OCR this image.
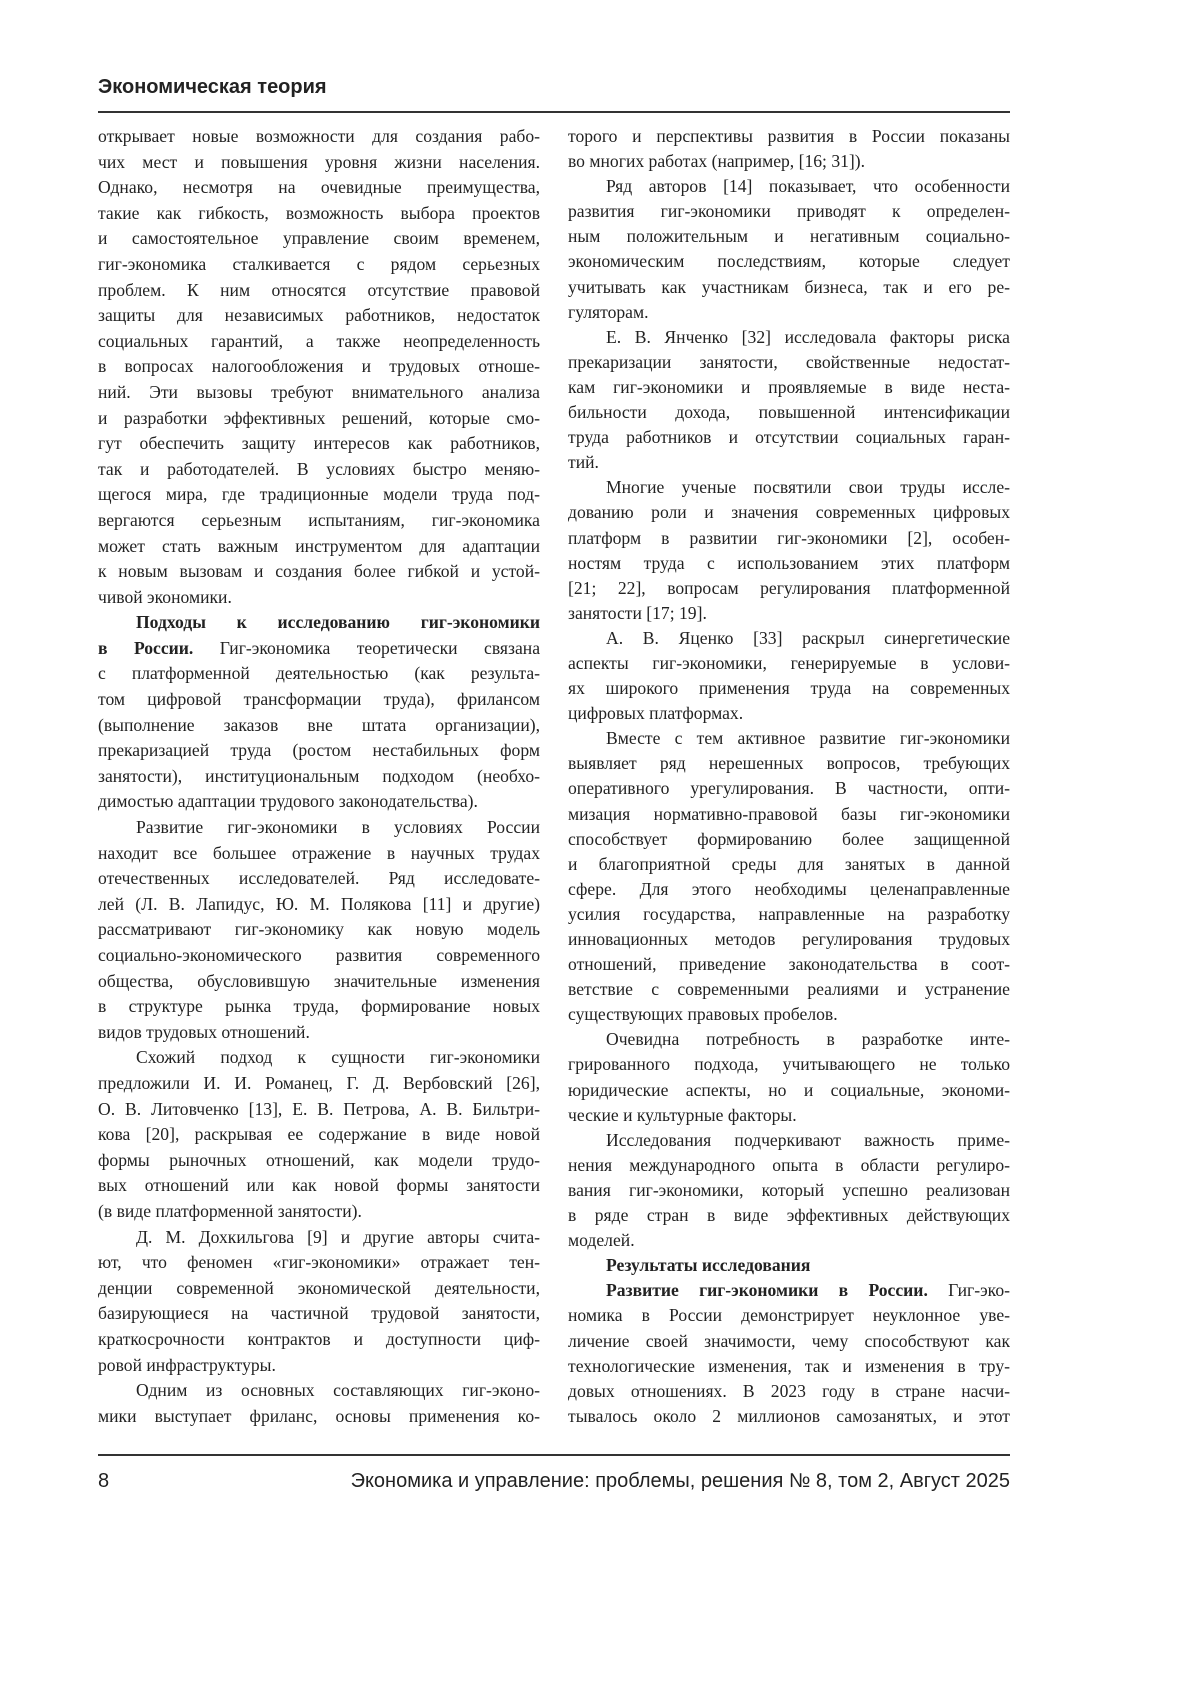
Экономическая теория
открывает новые возможности для создания рабо-
чих мест и повышения уровня жизни населения.
Однако, несмотря на очевидные преимущества,
такие как гибкость, возможность выбора проектов
и самостоятельное управление своим временем,
гиг-экономика сталкивается с рядом серьезных
проблем. К ним относятся отсутствие правовой
защиты для независимых работников, недостаток
социальных гарантий, а также неопределенность
в вопросах налогообложения и трудовых отноше-
ний. Эти вызовы требуют внимательного анализа
и разработки эффективных решений, которые смо-
гут обеспечить защиту интересов как работников,
так и работодателей. В условиях быстро меняю-
щегося мира, где традиционные модели труда под-
вергаются серьезным испытаниям, гиг-экономика
может стать важным инструментом для адаптации
к новым вызовам и создания более гибкой и устой-
чивой экономики.
Подходы к исследованию гиг-экономики
в России. Гиг-экономика теоретически связана
с платформенной деятельностью (как результа-
том цифровой трансформации труда), фрилансом
(выполнение заказов вне штата организации),
прекаризацией труда (ростом нестабильных форм
занятости), институциональным подходом (необхо-
димостью адаптации трудового законодательства).
Развитие гиг-экономики в условиях России
находит все большее отражение в научных трудах
отечественных исследователей. Ряд исследовате-
лей (Л. В. Лапидус, Ю. М. Полякова [11] и другие)
рассматривают гиг-экономику как новую модель
социально-экономического развития современного
общества, обусловившую значительные изменения
в структуре рынка труда, формирование новых
видов трудовых отношений.
Схожий подход к сущности гиг-экономики
предложили И. И. Романец, Г. Д. Вербовский [26],
О. В. Литовченко [13], Е. В. Петрова, А. В. Бильтри-
кова [20], раскрывая ее содержание в виде новой
формы рыночных отношений, как модели трудо-
вых отношений или как новой формы занятости
(в виде платформенной занятости).
Д. М. Дохкильгова [9] и другие авторы счита-
ют, что феномен «гиг-экономики» отражает тен-
денции современной экономической деятельности,
базирующиеся на частичной трудовой занятости,
краткосрочности контрактов и доступности циф-
ровой инфраструктуры.
Одним из основных составляющих гиг-эконо-
мики выступает фриланс, основы применения ко-
торого и перспективы развития в России показаны
во многих работах (например, [16; 31]).
Ряд авторов [14] показывает, что особенности
развития гиг-экономики приводят к определен-
ным положительным и негативным социально-
экономическим последствиям, которые следует
учитывать как участникам бизнеса, так и его ре-
гуляторам.
Е. В. Янченко [32] исследовала факторы риска
прекаризации занятости, свойственные недостат-
кам гиг-экономики и проявляемые в виде неста-
бильности дохода, повышенной интенсификации
труда работников и отсутствии социальных гаран-
тий.
Многие ученые посвятили свои труды иссле-
дованию роли и значения современных цифровых
платформ в развитии гиг-экономики [2], особен-
ностям труда с использованием этих платформ
[21; 22], вопросам регулирования платформенной
занятости [17; 19].
А. В. Яценко [33] раскрыл синергетические
аспекты гиг-экономики, генерируемые в услови-
ях широкого применения труда на современных
цифровых платформах.
Вместе с тем активное развитие гиг-экономики
выявляет ряд нерешенных вопросов, требующих
оперативного урегулирования. В частности, опти-
мизация нормативно-правовой базы гиг-экономики
способствует формированию более защищенной
и благоприятной среды для занятых в данной
сфере. Для этого необходимы целенаправленные
усилия государства, направленные на разработку
инновационных методов регулирования трудовых
отношений, приведение законодательства в соот-
ветствие с современными реалиями и устранение
существующих правовых пробелов.
Очевидна потребность в разработке инте-
грированного подхода, учитывающего не только
юридические аспекты, но и социальные, экономи-
ческие и культурные факторы.
Исследования подчеркивают важность приме-
нения международного опыта в области регулиро-
вания гиг-экономики, который успешно реализован
в ряде стран в виде эффективных действующих
моделей.
Результаты исследования
Развитие гиг-экономики в России. Гиг-эко-
номика в России демонстрирует неуклонное уве-
личение своей значимости, чему способствуют как
технологические изменения, так и изменения в тру-
довых отношениях. В 2023 году в стране насчи-
тывалось около 2 миллионов самозанятых, и этот
8	Экономика и управление: проблемы, решения № 8, том 2, Август 2025
